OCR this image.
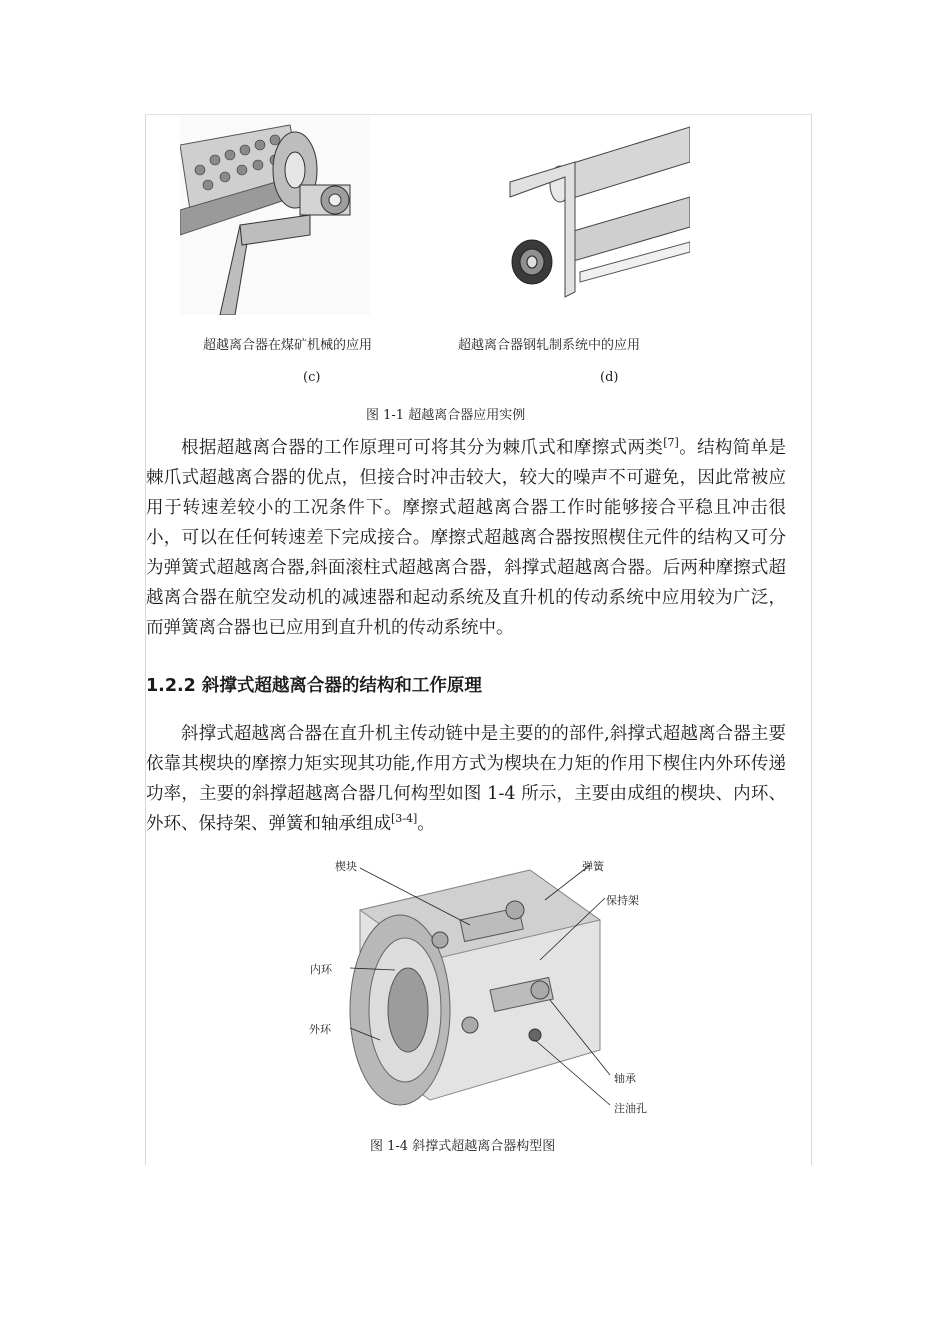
超越离合器在煤矿机械的应用	超越离合器钢轧制系统中的应用
(c)	(d)
图 1-1 超越离合器应用实例

根据超越离合器的工作原理可可将其分为棘爪式和摩擦式两类[7]。结构简单是棘爪式超越离合器的优点，但接合时冲击较大，较大的噪声不可避免，因此常被应用于转速差较小的工况条件下。摩擦式超越离合器工作时能够接合平稳且冲击很小，可以在任何转速差下完成接合。摩擦式超越离合器按照楔住元件的结构又可分为弹簧式超越离合器,斜面滚柱式超越离合器，斜撑式超越离合器。后两种摩擦式超越离合器在航空发动机的减速器和起动系统及直升机的传动系统中应用较为广泛，而弹簧离合器也已应用到直升机的传动系统中。

1.2.2 斜撑式超越离合器的结构和工作原理

斜撑式超越离合器在直升机主传动链中是主要的的部件,斜撑式超越离合器主要依靠其楔块的摩擦力矩实现其功能,作用方式为楔块在力矩的作用下楔住内外环传递功率，主要的斜撑超越离合器几何构型如图 1-4 所示，主要由成组的楔块、内环、外环、保持架、弹簧和轴承组成[3-4]。

楔块	弹簧
保持架
内环
外环
轴承
注油孔
图 1-4 斜撑式超越离合器构型图
